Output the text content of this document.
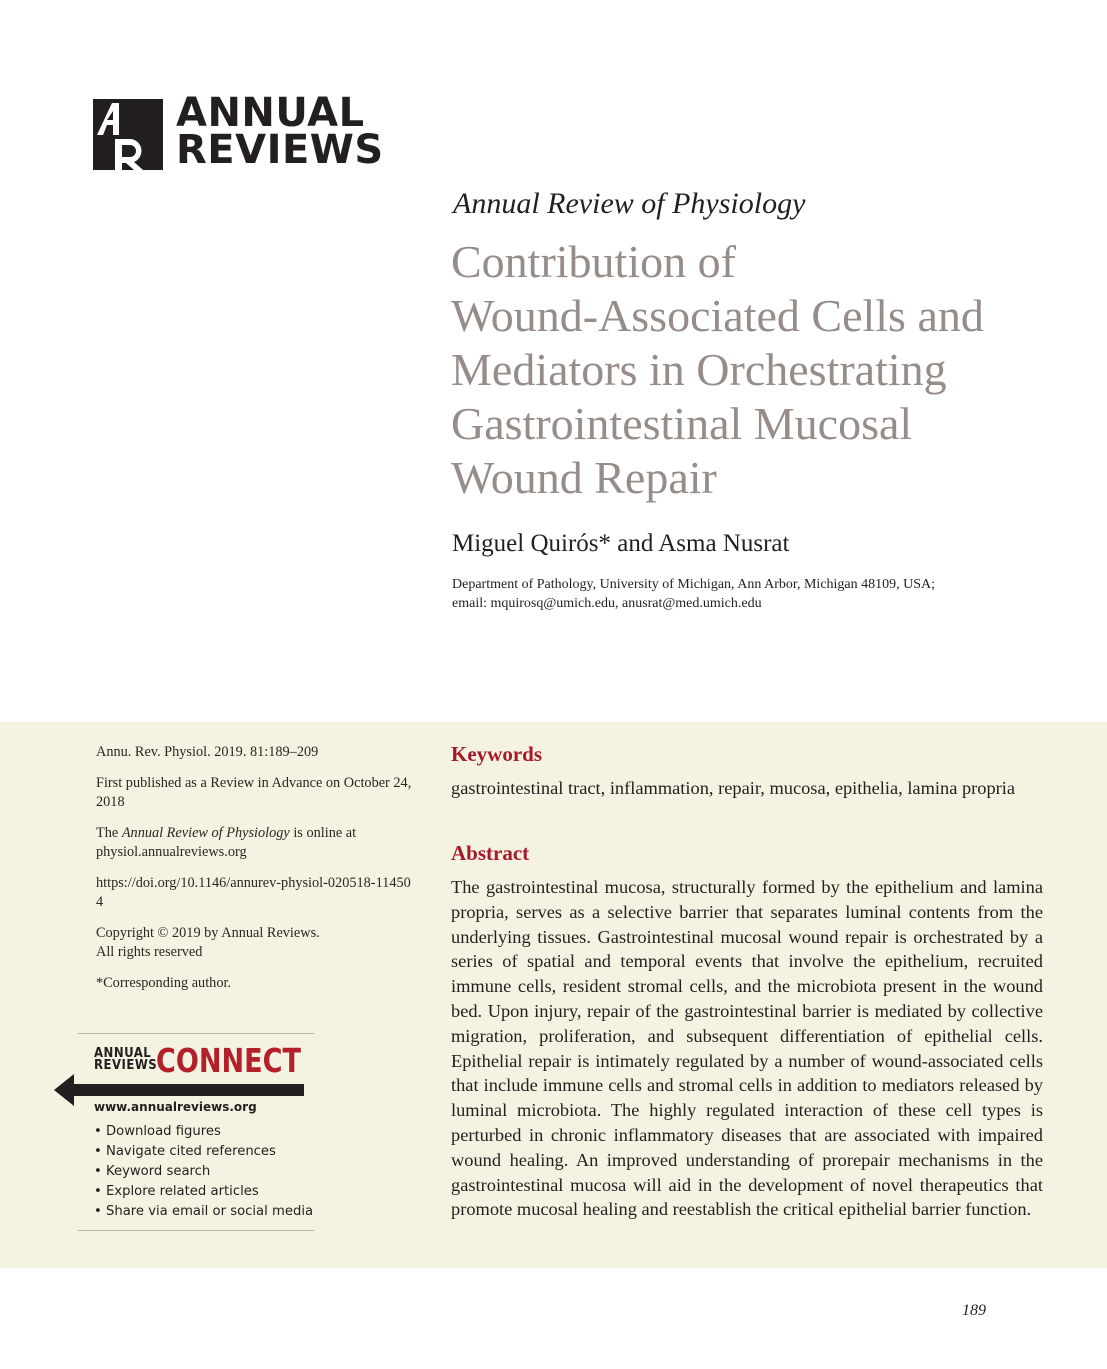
ANNUAL
REVIEWS
Annual Review of Physiology
Contribution of
Wound-Associated Cells and
Mediators in Orchestrating
Gastrointestinal Mucosal
Wound Repair
Miguel Quirós* and Asma Nusrat
Department of Pathology, University of Michigan, Ann Arbor, Michigan 48109, USA;
email: mquirosq@umich.edu, anusrat@med.umich.edu

Annu. Rev. Physiol. 2019. 81:189–209

First published as a Review in Advance on October 24, 2018

The Annual Review of Physiology is online at physiol.annualreviews.org

https://doi.org/10.1146/annurev-physiol-020518-114504

Copyright © 2019 by Annual Reviews.
All rights reserved

*Corresponding author.

ANNUAL
REVIEWS
CONNECT
www.annualreviews.org
• Download figures
• Navigate cited references
• Keyword search
• Explore related articles
• Share via email or social media
Keywords
gastrointestinal tract, inflammation, repair, mucosa, epithelia, lamina propria
Abstract
The gastrointestinal mucosa, structurally formed by the epithelium and lamina propria, serves as a selective barrier that separates luminal contents from the underlying tissues. Gastrointestinal mucosal wound repair is orchestrated by a series of spatial and temporal events that involve the epithelium, recruited immune cells, resident stromal cells, and the microbiota present in the wound bed. Upon injury, repair of the gastrointestinal barrier is mediated by collective migration, proliferation, and subsequent differentiation of epithelial cells. Epithelial repair is intimately regulated by a number of wound-associated cells that include immune cells and stromal cells in addition to mediators released by luminal microbiota. The highly regulated interaction of these cell types is perturbed in chronic inflammatory diseases that are associated with impaired wound healing. An improved understanding of prorepair mechanisms in the gastrointestinal mucosa will aid in the development of novel therapeutics that promote mucosal healing and reestablish the critical epithelial barrier function.
189
